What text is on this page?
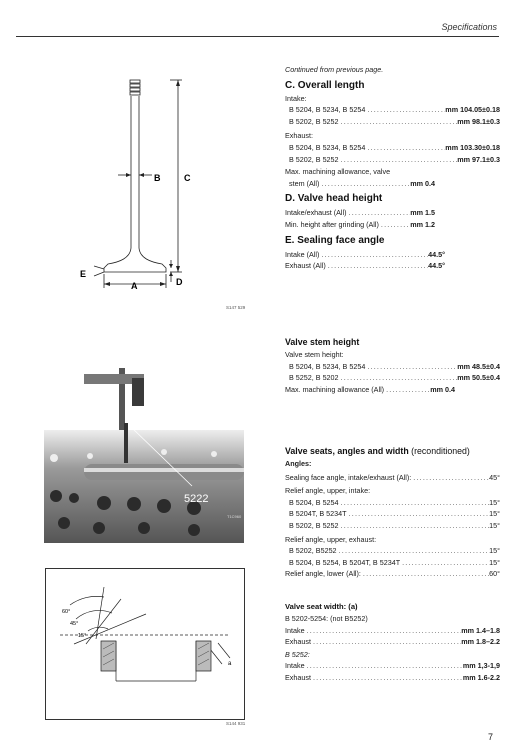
Specifications
B	C
A	D
E
S147 529
5222
T1C960
60°
45°
15°
a
S144 931
Continued from previous page.
C. Overall length
Intake:
B 5204, B 5234, B 5254 .....	mm 104.05±0.18
B 5202, B 5252 .....	mm 98.1±0.3
Exhaust:
B 5204, B 5234, B 5254 .....	mm 103.30±0.18
B 5202, B 5252 .....	mm 97.1±0.3
Max. machining allowance, valve
stem (All) .....	mm 0.4
D. Valve head height
Intake/exhaust (All) .....	mm 1.5
Min. height after grinding (All) .....	mm 1.2
E. Sealing face angle
Intake (All) .....	44.5°
Exhaust (All) .....	44.5°
Valve stem height
Valve stem height:
B 5204, B 5234, B 5254 .....	mm 48.5±0.4
B 5252, B 5202 .....	mm 50.5±0.4
Max. machining allowance (All) .....	mm 0.4
Valve seats, angles and width (reconditioned)
Angles:
Sealing face angle, intake/exhaust (All): .....	45°
Relief angle, upper, intake:
B 5204, B 5254 .....	15°
B 5204T, B 5234T .....	15°
B 5202, B 5252 .....	15°
Relief angle, upper, exhaust:
B 5202, B5252 .....	15°
B 5204, B 5254, B 5204T, B 5234T .....	15°
Relief angle, lower (All): .....	60°
Valve seat width: (a)
B 5202-5254: (not B5252)
Intake .....	mm 1.4–1.8
Exhaust .....	mm 1.8–2.2
B 5252:
Intake .....	mm 1,3-1,9
Exhaust .....	mm 1.6-2.2
7
